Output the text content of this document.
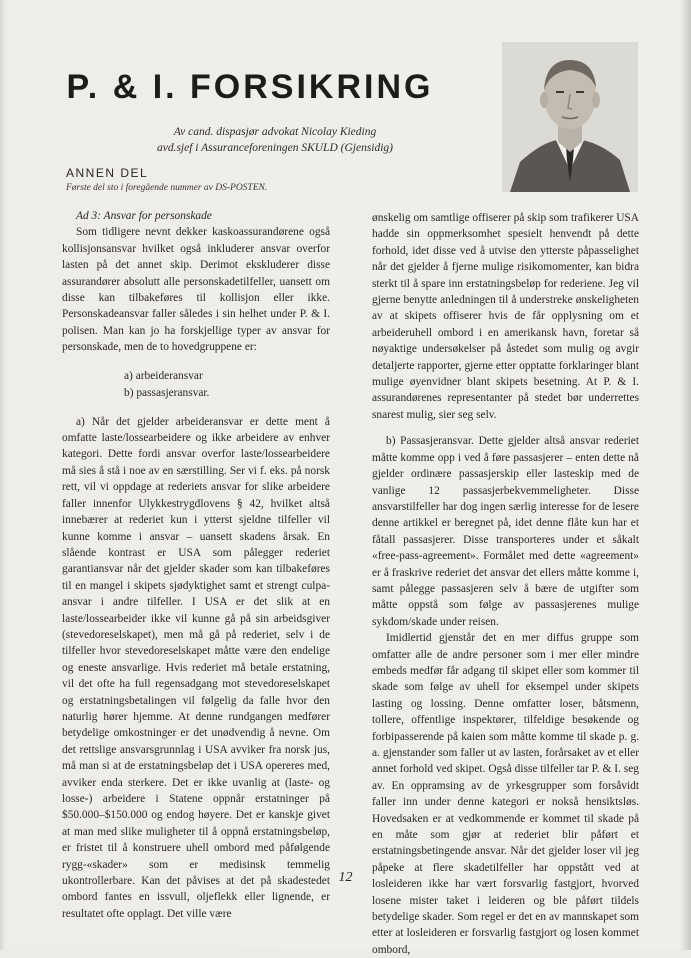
P. & I. FORSIKRING
Av cand. dispasjør advokat Nicolay Kieding
avd.sjef i Assuranceforeningen SKULD (Gjensidig)
ANNEN DEL
Første del sto i foregående nummer av DS-POSTEN.

Ad 3: Ansvar for personskade

Som tidligere nevnt dekker kaskoassurandørene også kollisjonsansvar hvilket også inkluderer ansvar overfor lasten på det annet skip. Derimot ekskluderer disse assurandører absolutt alle personskadetilfeller, uansett om disse kan tilbakeføres til kollisjon eller ikke. Personskadeansvar faller således i sin helhet under P. & I. polisen. Man kan jo ha forskjellige typer av ansvar for personskade, men de to hovedgruppene er:

a) arbeideransvar
b) passasjeransvar.

a) Når det gjelder arbeideransvar er dette ment å omfatte laste/lossearbeidere og ikke arbeidere av enhver kategori. Dette fordi ansvar overfor laste/lossearbeidere må sies å stå i noe av en særstilling. Ser vi f. eks. på norsk rett, vil vi oppdage at rederiets ansvar for slike arbeidere faller innenfor Ulykkestrygdlovens § 42, hvilket altså innebærer at rederiet kun i ytterst sjeldne tilfeller vil kunne komme i ansvar – uansett skadens årsak. En slående kontrast er USA som pålegger rederiet garantiansvar når det gjelder skader som kan tilbakeføres til en mangel i skipets sjødyktighet samt et strengt culpa-ansvar i andre tilfeller. I USA er det slik at en laste/lossearbeider ikke vil kunne gå på sin arbeidsgiver (stevedoreselskapet), men må gå på rederiet, selv i de tilfeller hvor stevedoreselskapet måtte være den endelige og eneste ansvarlige. Hvis rederiet må betale erstatning, vil det ofte ha full regensadgang mot stevedoreselskapet og erstatningsbetalingen vil følgelig da falle hvor den naturlig hører hjemme. At denne rundgangen medfører betydelige omkostninger er det unødvendig å nevne. Om det rettslige ansvarsgrunnlag i USA avviker fra norsk jus, må man si at de erstatningsbeløp det i USA opereres med, avviker enda sterkere. Det er ikke uvanlig at (laste- og losse-) arbeidere i Statene oppnår erstatninger på $50.000–$150.000 og endog høyere. Det er kanskje givet at man med slike muligheter til å oppnå erstatningsbeløp, er fristet til å konstruere uhell ombord med påfølgende rygg-«skader» som er medisinsk temmelig ukontrollerbare. Kan det påvises at det på skadestedet ombord fantes en issvull, oljeflekk eller lignende, er resultatet ofte opplagt. Det ville være

ønskelig om samtlige offiserer på skip som trafikerer USA hadde sin oppmerksomhet spesielt henvendt på dette forhold, idet disse ved å utvise den ytterste påpasselighet når det gjelder å fjerne mulige risikomomenter, kan bidra sterkt til å spare inn erstatningsbeløp for rederiene. Jeg vil gjerne benytte anledningen til å understreke ønskeligheten av at skipets offiserer hvis de får opplysning om et arbeideruhell ombord i en amerikansk havn, foretar så nøyaktige undersøkelser på åstedet som mulig og avgir detaljerte rapporter, gjerne etter opptatte forklaringer blant mulige øyenvidner blant skipets besetning. At P. & I. assurandørenes representanter på stedet bør underrettes snarest mulig, sier seg selv.

b) Passasjeransvar. Dette gjelder altså ansvar rederiet måtte komme opp i ved å føre passasjerer – enten dette nå gjelder ordinære passasjerskip eller lasteskip med de vanlige 12 passasjerbekvemmeligheter. Disse ansvarstilfeller har dog ingen særlig interesse for de lesere denne artikkel er beregnet på, idet denne flåte kun har et fåtall passasjerer. Disse transporteres under et såkalt «free-pass-agreement». Formålet med dette «agreement» er å fraskrive rederiet det ansvar det ellers måtte komme i, samt pålegge passasjeren selv å bære de utgifter som måtte oppstå som følge av passasjerenes mulige sykdom/skade under reisen.

Imidlertid gjenstår det en mer diffus gruppe som omfatter alle de andre personer som i mer eller mindre embeds medfør får adgang til skipet eller som kommer til skade som følge av uhell for eksempel under skipets lasting og lossing. Denne omfatter loser, båtsmenn, tollere, offentlige inspektører, tilfeldige besøkende og forbipasserende på kaien som måtte komme til skade p. g. a. gjenstander som faller ut av lasten, forårsaket av et eller annet forhold ved skipet. Også disse tilfeller tar P. & I. seg av. En oppramsing av de yrkesgrupper som forsåvidt faller inn under denne kategori er nokså hensiktsløs. Hovedsaken er at vedkommende er kommet til skade på en måte som gjør at rederiet blir påført et erstatningsbetingende ansvar. Når det gjelder loser vil jeg påpeke at flere skadetilfeller har oppstått ved at losleideren ikke har vært forsvarlig fastgjort, hvorved losene mister taket i leideren og ble påført tildels betydelige skader. Som regel er det en av mannskapet som etter at losleideren er forsvarlig fastgjort og losen kommet ombord,

12
